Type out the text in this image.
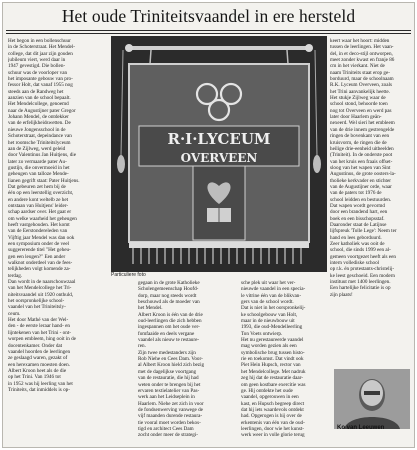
Het oude Triniteitsvaandel in ere hersteld
Het begon in een bollenschuur
in de Schoterstraat. Het Mendel-
college, dat dit jaar zijn gouden
jubileum viert, werd daar in
1947 gevestigd. Die bollen-
schuur was de voorloper van
het imposante gebouw van pro-
fessor Holt, dat vanaf 1955 nog
steeds aan de Randweg het
aanzien van de school bepaalt.
Het Mendelcollege, genoemd
naar de Augustijner pater Gregor
Johann Mendel, de ontdekker
van de erfelijkheidswetten. De
nieuwe Jongensschool in de
Schoterstraat, depeindance van
het roomsche Triniteitslyceum
aan de Zijlweg, werd geleid
door Valentinus Jan Huitjens, die
later zo vermaarde pater Au-
gustijn, die onvermoeid in het
geheugen van talloze Mende-
lianen gegrift staat: Pater Huitjens.
Dat gebeuren zet hem bij de
één op een leerstellig overzicht,
en andere kont weltelb ze het
ontstaan van Huitjens' leider-
schap aardser over. Het gaat er
om welke waarheid het geheugen
heeft vastgehouden. Het komt
van de Eerstondereleden van
Vijftig jaar Mendel was dan ook
een symposium onder de veel
suggererende titel "Het geheu-
gen een leugen?" Een ander
walknot onderdeel van de fees-
telijkheden volgt komende za-
terdag.
Dan wordt in de naarschouwzaal
van het Mendelcollege het Tri-
niteitsvaandel uit 1920 onthuld,
het oorspronkelijke school-
vaandel van het Triniteitsly-
ceum.
Het door Mathé van der Wel-
den - de eerste leraar hand- en
lijntekenen van het Trini - ont-
worpen embleem, hing ooit in de
docentenkamer. Onder dat
vaandel hoorden de leerlingen
ze geslaagd waren, gezakt of
een herexamen moesten doen.
Albert Kroon heet als de die
op het Trini. Van 1946 tot
in 1952 was hij leerling van het
Triniteits, dat inmiddels is op-
R·I·LYCEUM
OVERVEEN
Particuliere foto
gegaan in de grote Katholieke
Scholengemeenschap Hoofd-
dorp, maar nog steeds wordt
beschouwd als de moeder van
het Mendel.
Albert Kroon is één van de drie
oud-leerlingen die zich hebben
ingespannen om het oude ver-
fomfaaide en deels vergane
vaandel als nieuw te restaure-
ren.
Zijn twee medestanders zijn
Rob Niehe en Cees Dam. Voor-
al Albert Kroon hield zich bezig
met de dagelijkse voortgang
van de restauratie, die hij had
weten onder te brengen bij het
ervaren textielatelier van Pas-
werk aan het Leidseplein in
Haarlem. Niehe zet zich in voor
de fondsenwerving vanwege de
vijf maanden durende restaura-
tie vooral moet worden bekos-
tigd en architect Cees Dam
zocht onder meer de strategi-
sche plek uit waar het ver-
nieuwde vaandel in een specia-
le vitrine één van de blikvan-
gers van de school wordt.
Dat is niet in het oorspronkelij-
ke schoolgebouw van Holt,
maar in de nieuwbouw uit
1993, die oud-Mendelleerling
Ton Voets ontwierp.
Het nu gerestaureerde vaandel
mag worden gezien als een
symbolische brug tussen histo-
rie en toekomst. Dat vindt ook
Piet Hein Hupsch, rector van
het Mendelcollege. Met nadruk
zeg hij dat de restauratie daar-
om geen kostbare exercitie was
ge. Hij ontdekte het oude
vaandel, opgerouwen in een
kast, en Hupsch begreep direct
dat hij iets waardevols ontdekt
had. Opgerogen is hij over de
erkentenis van één van de oud-
leerlingen, door wie het kunst-
werk weer in volle glorie terug
keert waar het hoort: midden
tussen de leerlingen. Het vaan-
del, in et deco-stijl ontworpen,
meet zonder kwast en franje 86
cm in het vierkant. Niet de
naam Triniteits staat erop ge-
borduurd, maar de schoolnaam
R.K. Lyceum Overveen, zoals
het Trini aanvankelijk heette.
Het stukje Zijlweg waar de
school stond, behoorde toen
nog tot Overveen en werd pas
later door Haarlem geän-
nexeerd. Wel sieri het embleem
van de drie innem gestrengelde
ringen de bovenkant van een
kruisvorm, de ringen die de
heilige drie-eenheid uitbeelden
(Triniteit). In de onderste poot
van het kruis een fraais offset-
sloog van het wapen van Sint
Augustinus, de grote oosters-la-
tholieke kerkvader en stichter
van de Augustijner orde, waar
van de paters tot 1976 de
school leidden en bestuurden.
Dat wapen wordt gevormd
door een brandend hart, een
boek en een bisschopsstaf.
Daaronder staat de Latijnse
lijfspreuk 'Tolle Lege': Neem ter
hand en lees geborduurd.
Zeer katholiek was ooit de
school, die sinds 1999 een al-
gemeen voortgezet heeft als een
intern vollediske school
op r.k. én protestants-christelij-
ke leest geschoeid. Een modern
instituut met 1400 leerlingen.
Een hartelijke felicitatie is op
zijn plaats!
Ko van Leeuwen
